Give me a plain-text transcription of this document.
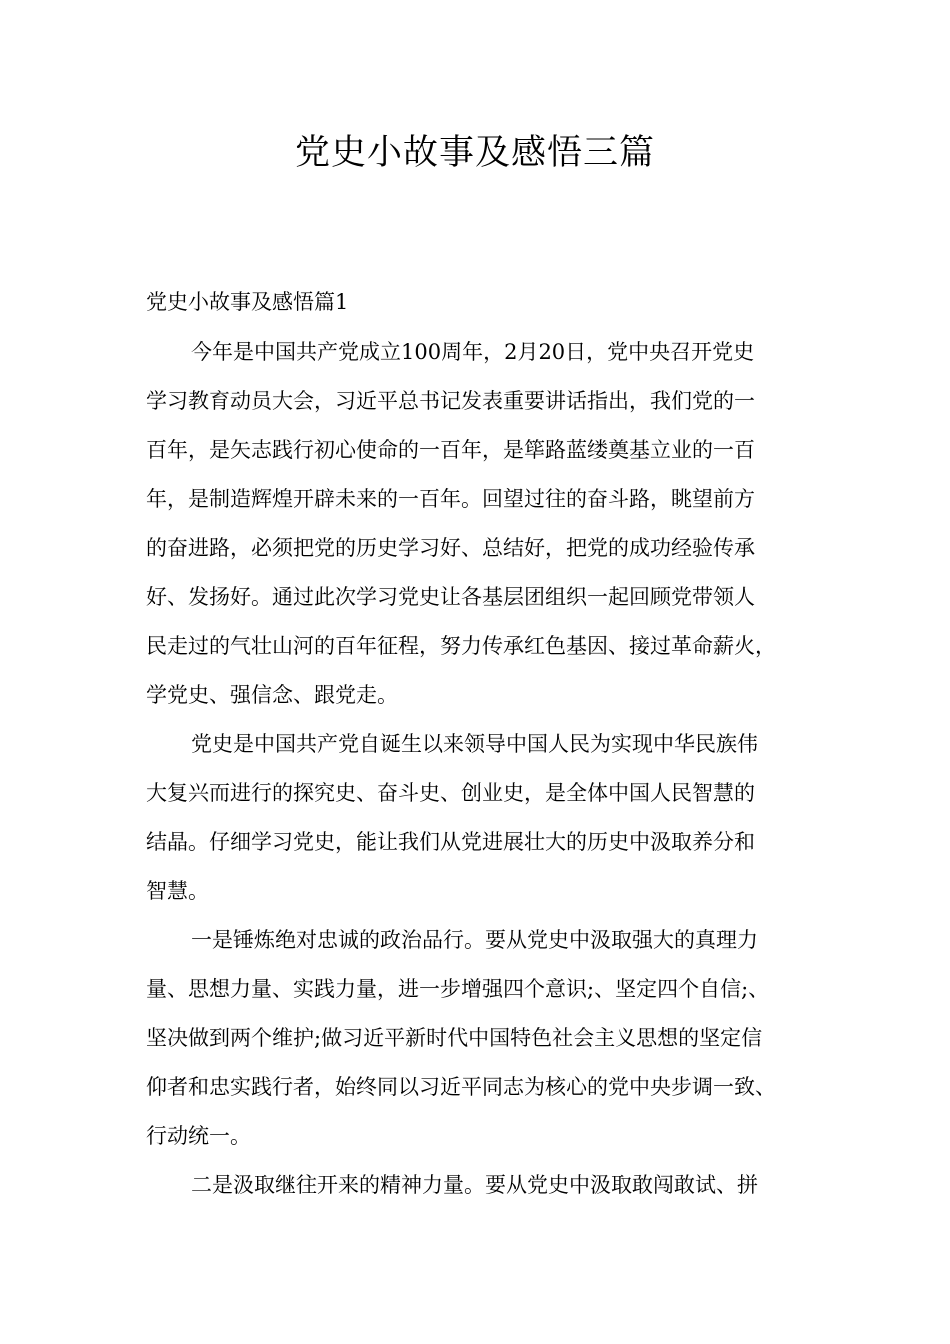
党史小故事及感悟三篇

党史小故事及感悟篇1

今年是中国共产党成立100周年，2月20日，党中央召开党史
学习教育动员大会，习近平总书记发表重要讲话指出，我们党的一
百年，是矢志践行初心使命的一百年，是筚路蓝缕奠基立业的一百
年，是制造辉煌开辟未来的一百年。回望过往的奋斗路，眺望前方
的奋进路，必须把党的历史学习好、总结好，把党的成功经验传承
好、发扬好。通过此次学习党史让各基层团组织一起回顾党带领人
民走过的气壮山河的百年征程，努力传承红色基因、接过革命薪火，
学党史、强信念、跟党走。
党史是中国共产党自诞生以来领导中国人民为实现中华民族伟
大复兴而进行的探究史、奋斗史、创业史，是全体中国人民智慧的
结晶。仔细学习党史，能让我们从党进展壮大的历史中汲取养分和
智慧。
一是锤炼绝对忠诚的政治品行。要从党史中汲取强大的真理力
量、思想力量、实践力量，进一步增强四个意识;、坚定四个自信;、
坚决做到两个维护;做习近平新时代中国特色社会主义思想的坚定信
仰者和忠实践行者，始终同以习近平同志为核心的党中央步调一致、
行动统一。
二是汲取继往开来的精神力量。要从党史中汲取敢闯敢试、拼
